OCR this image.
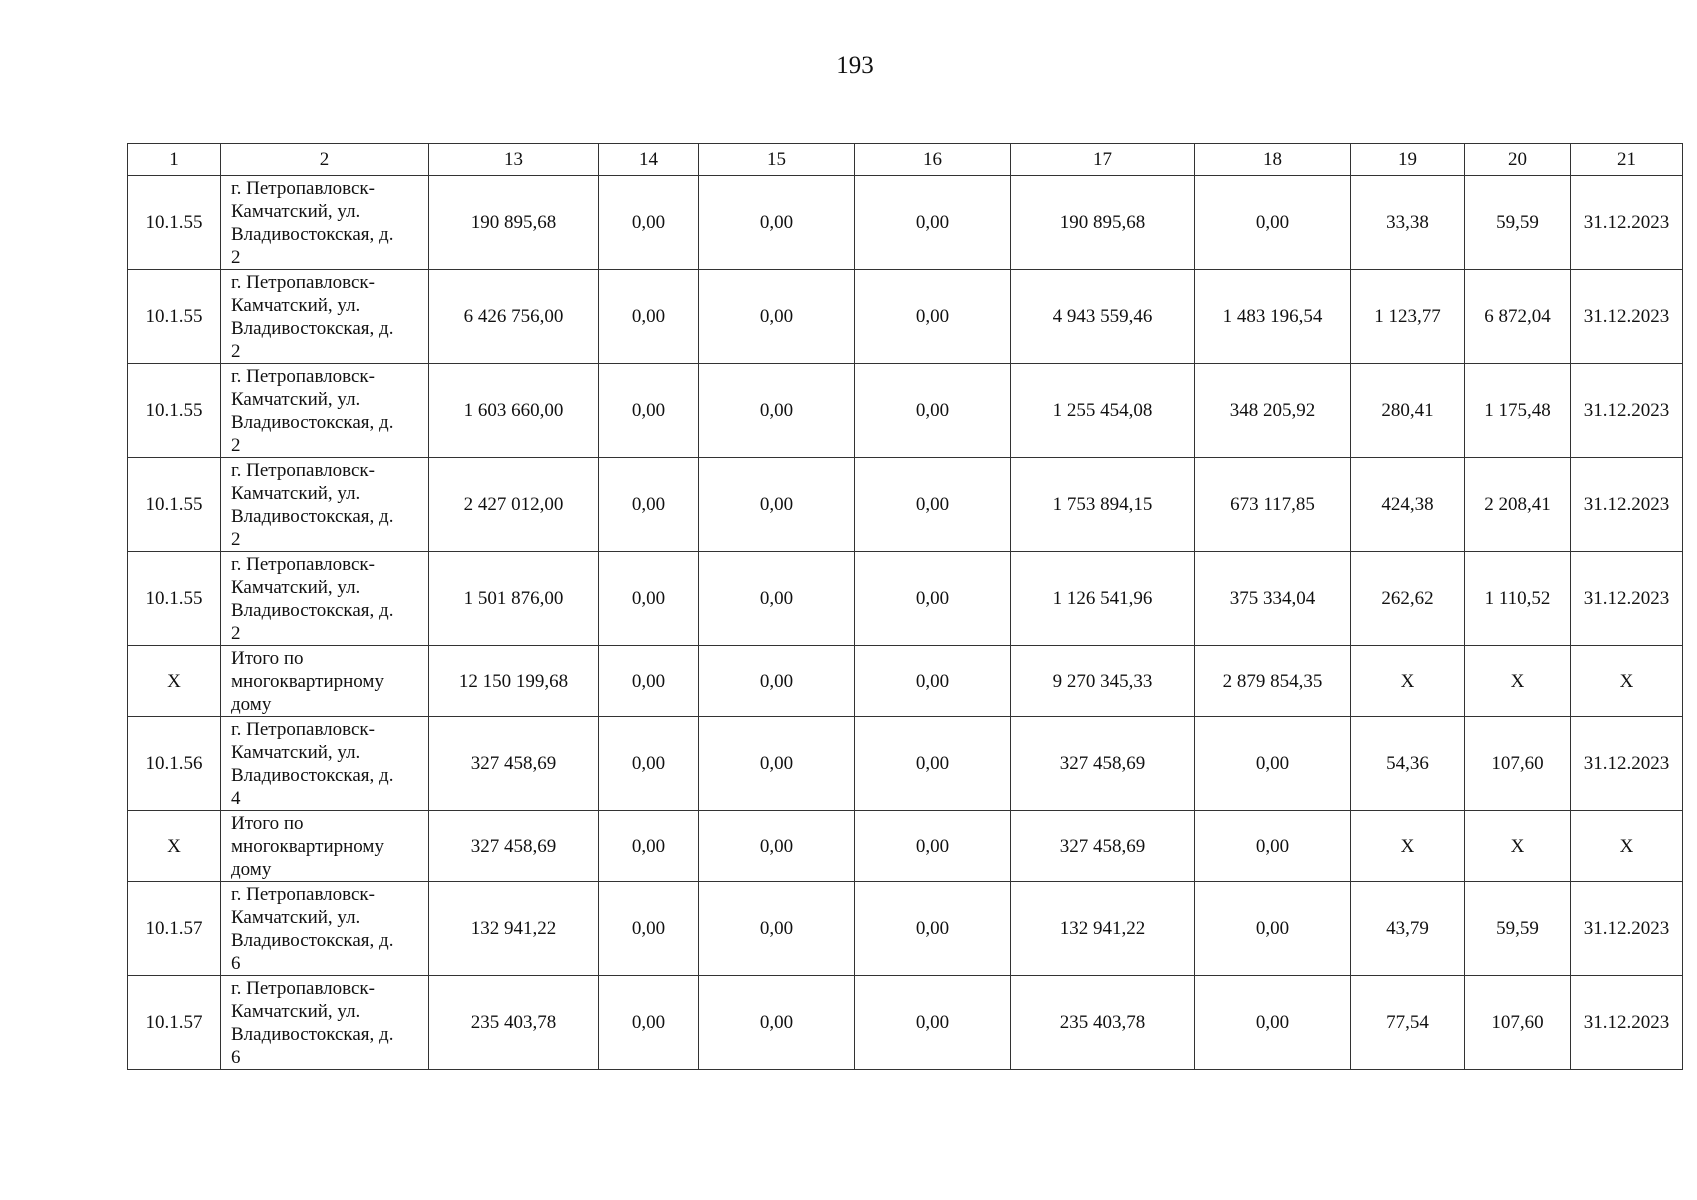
193
1	2	13	14	15	16	17	18	19	20	21
10.1.55	г. Петропавловск-
Камчатский, ул.
Владивостокская, д.
2	190 895,68	0,00	0,00	0,00	190 895,68	0,00	33,38	59,59	31.12.2023
10.1.55	г. Петропавловск-
Камчатский, ул.
Владивостокская, д.
2	6 426 756,00	0,00	0,00	0,00	4 943 559,46	1 483 196,54	1 123,77	6 872,04	31.12.2023
10.1.55	г. Петропавловск-
Камчатский, ул.
Владивостокская, д.
2	1 603 660,00	0,00	0,00	0,00	1 255 454,08	348 205,92	280,41	1 175,48	31.12.2023
10.1.55	г. Петропавловск-
Камчатский, ул.
Владивостокская, д.
2	2 427 012,00	0,00	0,00	0,00	1 753 894,15	673 117,85	424,38	2 208,41	31.12.2023
10.1.55	г. Петропавловск-
Камчатский, ул.
Владивостокская, д.
2	1 501 876,00	0,00	0,00	0,00	1 126 541,96	375 334,04	262,62	1 110,52	31.12.2023
X	Итого по
многоквартирному
дому	12 150 199,68	0,00	0,00	0,00	9 270 345,33	2 879 854,35	X	X	X
10.1.56	г. Петропавловск-
Камчатский, ул.
Владивостокская, д.
4	327 458,69	0,00	0,00	0,00	327 458,69	0,00	54,36	107,60	31.12.2023
X	Итого по
многоквартирному
дому	327 458,69	0,00	0,00	0,00	327 458,69	0,00	X	X	X
10.1.57	г. Петропавловск-
Камчатский, ул.
Владивостокская, д.
6	132 941,22	0,00	0,00	0,00	132 941,22	0,00	43,79	59,59	31.12.2023
10.1.57	г. Петропавловск-
Камчатский, ул.
Владивостокская, д.
6	235 403,78	0,00	0,00	0,00	235 403,78	0,00	77,54	107,60	31.12.2023
